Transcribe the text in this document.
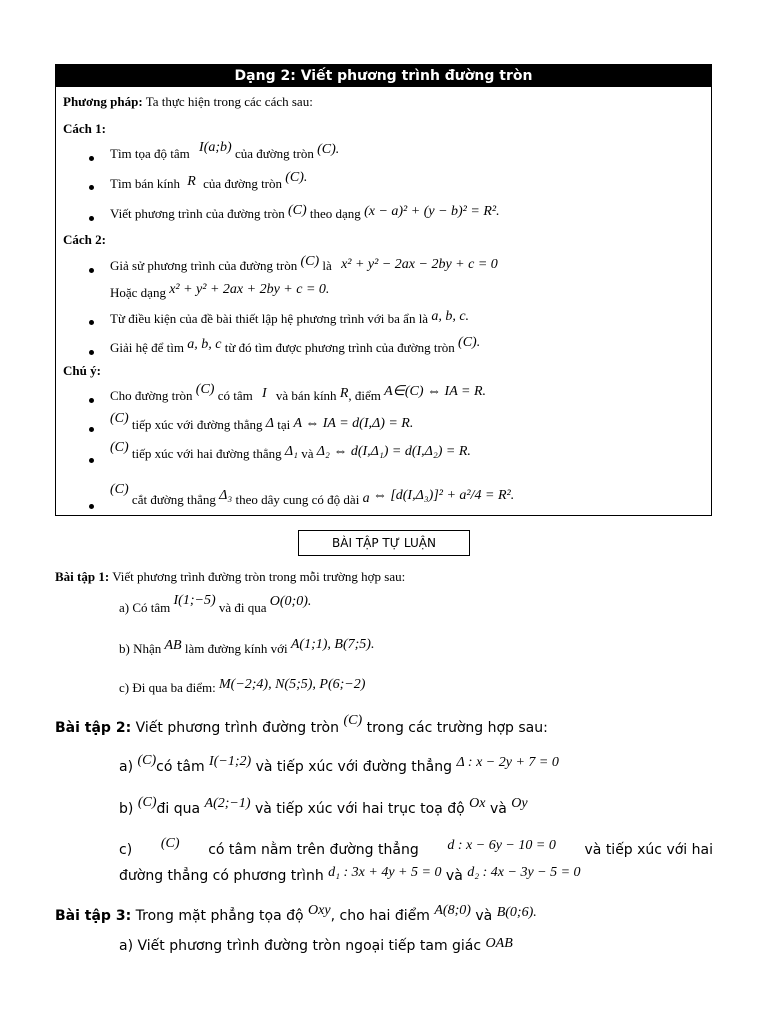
Dạng 2: Viết phương trình đường tròn
Phương pháp: Ta thực hiện trong các cách sau:
Cách 1:
Tìm tọa độ tâm I(a;b) của đường tròn (C).
Tìm bán kính R của đường tròn (C).
Viết phương trình của đường tròn (C) theo dạng (x − a)² + (y − b)² = R².
Cách 2:
Giả sử phương trình của đường tròn (C) là x² + y² − 2ax − 2by + c = 0
Hoặc dạng x² + y² + 2ax + 2by + c = 0.
Từ điều kiện của đề bài thiết lập hệ phương trình với ba ẩn là a, b, c.
Giải hệ để tìm a, b, c từ đó tìm được phương trình của đường tròn (C).
Chú ý:
Cho đường tròn (C) có tâm I và bán kính R, điểm A∈(C) ⇔ IA = R.
(C) tiếp xúc với đường thẳng Δ tại A ⇔ IA = d(I,Δ) = R.
(C) tiếp xúc với hai đường thẳng Δ₁ và Δ₂ ⇔ d(I,Δ₁) = d(I,Δ₂) = R.
(C) cắt đường thẳng Δ₃ theo dây cung có độ dài a ⇔ [d(I,Δ₃)]² + a²/4 = R².
BÀI TẬP TỰ LUẬN
Bài tập 1: Viết phương trình đường tròn trong mỗi trường hợp sau:
a) Có tâm I(1;−5) và đi qua O(0;0).
b) Nhận AB làm đường kính với A(1;1), B(7;5).
c) Đi qua ba điểm: M(−2;4), N(5;5), P(6;−2)
Bài tập 2: Viết phương trình đường tròn (C) trong các trường hợp sau:
a) (C)có tâm I(−1;2) và tiếp xúc với đường thẳng Δ : x − 2y + 7 = 0
b) (C)đi qua A(2;−1) và tiếp xúc với hai trục toạ độ Ox và Oy
c) (C) có tâm nằm trên đường thẳng d : x − 6y − 10 = 0 và tiếp xúc với hai
đường thẳng có phương trình d₁ : 3x + 4y + 5 = 0 và d₂ : 4x − 3y − 5 = 0
Bài tập 3: Trong mặt phẳng tọa độ Oxy, cho hai điểm A(8;0) và B(0;6).
a) Viết phương trình đường tròn ngoại tiếp tam giác OAB
